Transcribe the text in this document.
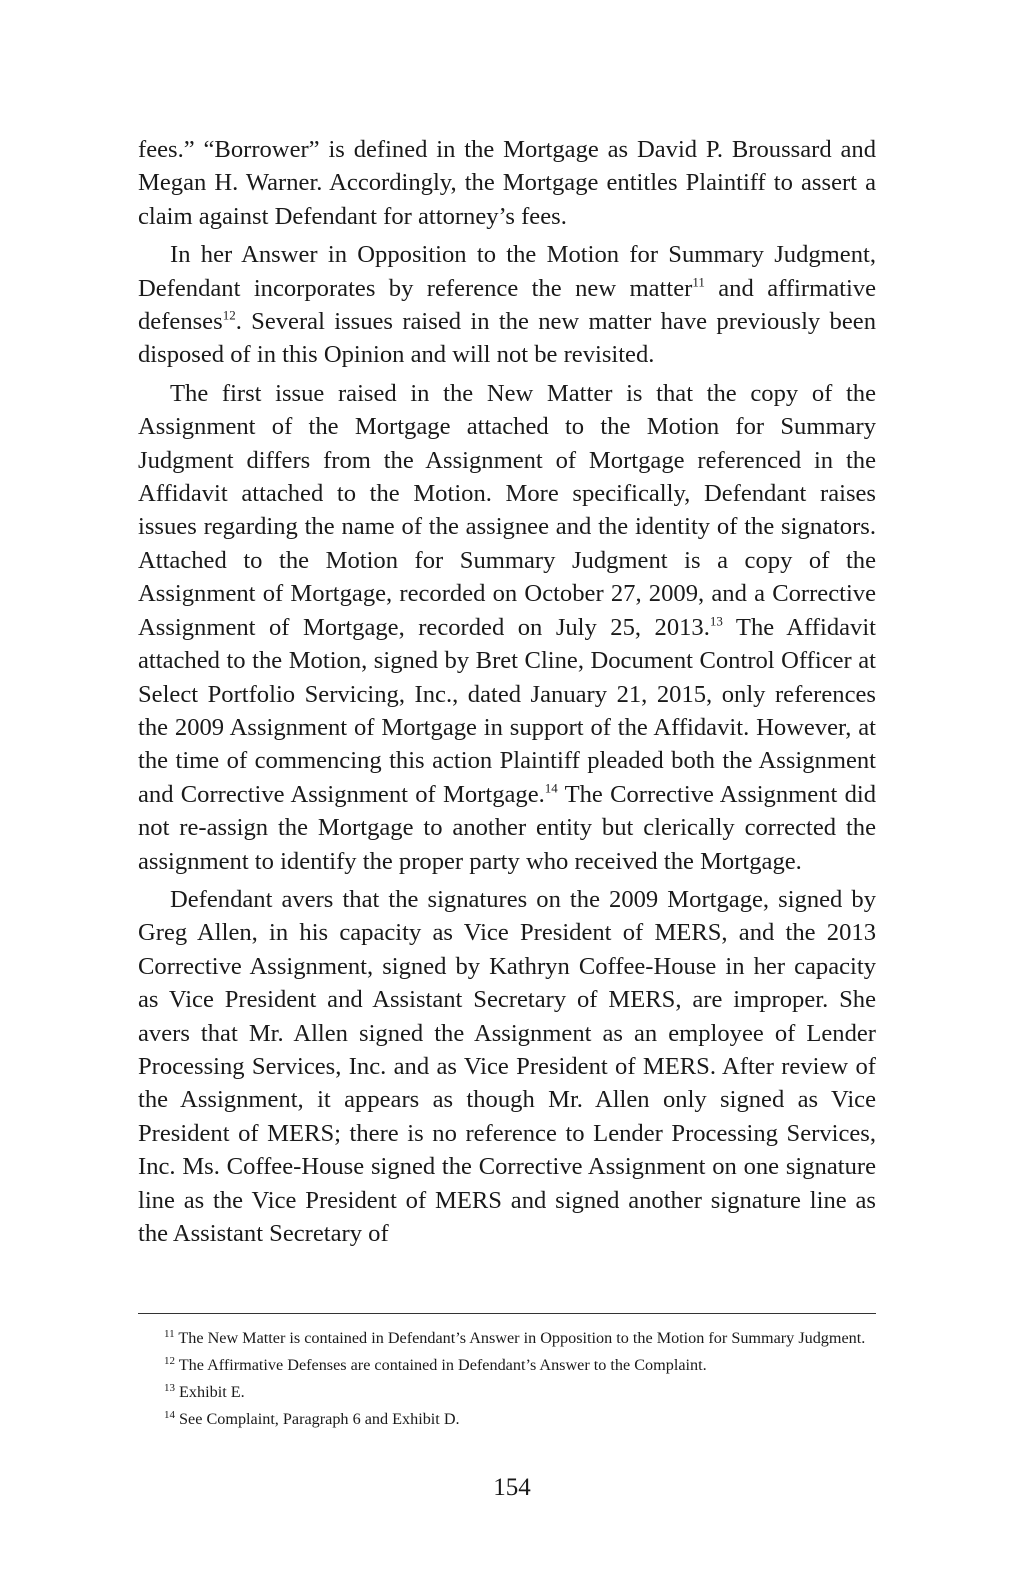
fees.” “Borrower” is defined in the Mortgage as David P. Broussard and Megan H. Warner. Accordingly, the Mortgage entitles Plaintiff to assert a claim against Defendant for attorney’s fees.

In her Answer in Opposition to the Motion for Summary Judgment, Defendant incorporates by reference the new matter$^{11}$ and affirmative defenses$^{12}$. Several issues raised in the new matter have previously been disposed of in this Opinion and will not be revisited.

The first issue raised in the New Matter is that the copy of the Assignment of the Mortgage attached to the Motion for Summary Judgment differs from the Assignment of Mortgage referenced in the Affidavit attached to the Motion. More specifically, Defendant raises issues regarding the name of the assignee and the identity of the signators. Attached to the Motion for Summary Judgment is a copy of the Assignment of Mortgage, recorded on October 27, 2009, and a Corrective Assignment of Mortgage, recorded on July 25, 2013.13 The Affidavit attached to the Motion, signed by Bret Cline, Document Control Officer at Select Portfolio Servicing, Inc., dated January 21, 2015, only references the 2009 Assignment of Mortgage in support of the Affidavit. However, at the time of commencing this action Plaintiff pleaded both the Assignment and Corrective Assignment of Mortgage.$^{14}$ The Corrective Assignment did not re-assign the Mortgage to another entity but clerically corrected the assignment to identify the proper party who received the Mortgage.

Defendant avers that the signatures on the 2009 Mortgage, signed by Greg Allen, in his capacity as Vice President of MERS, and the 2013 Corrective Assignment, signed by Kathryn Coffee-House in her capacity as Vice President and Assistant Secretary of MERS, are improper. She avers that Mr. Allen signed the Assignment as an employee of Lender Processing Services, Inc. and as Vice President of MERS. After review of the Assignment, it appears as though Mr. Allen only signed as Vice President of MERS; there is no reference to Lender Processing Services, Inc. Ms. Coffee-House signed the Corrective Assignment on one signature line as the Vice President of MERS and signed another signature line as the Assistant Secretary of

$^{11}$ The New Matter is contained in Defendant’s Answer in Opposition to the Motion for Summary Judgment.
$^{12}$ The Affirmative Defenses are contained in Defendant’s Answer to the Complaint.
$^{13}$ Exhibit E.
$^{14}$ See Complaint, Paragraph 6 and Exhibit D.
154
